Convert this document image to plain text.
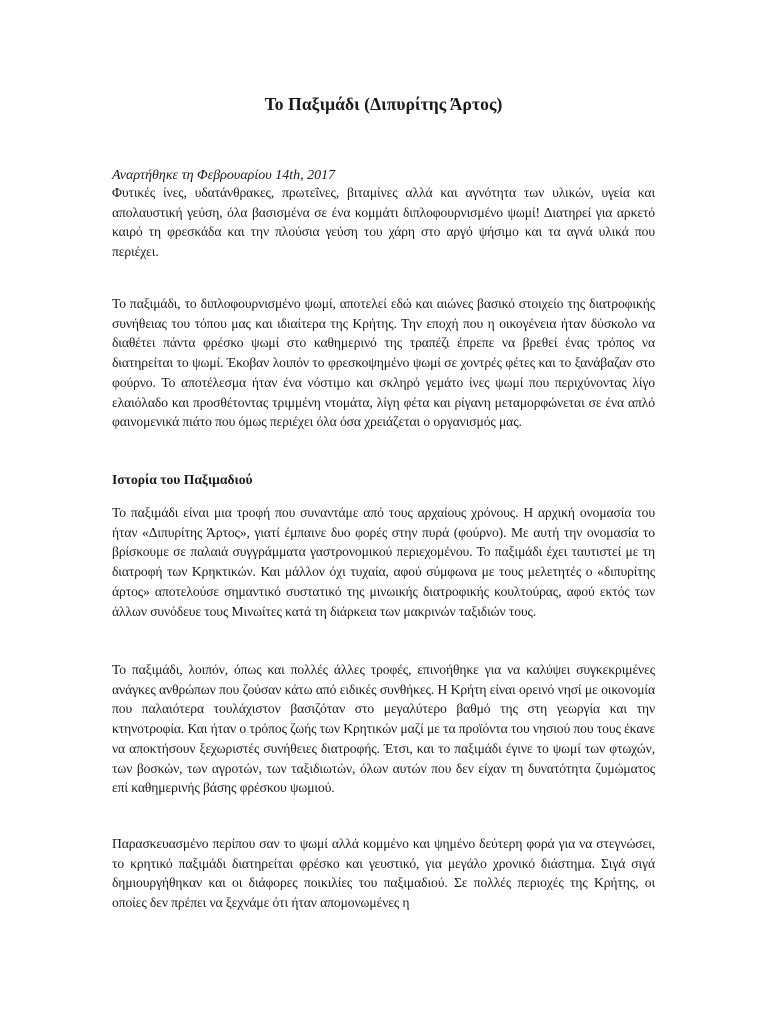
Το Παξιμάδι (Διπυρίτης Άρτος)

Αναρτήθηκε τη Φεβρουαρίου 14th, 2017

Φυτικές ίνες, υδατάνθρακες, πρωτεΐνες, βιταμίνες αλλά και αγνότητα των υλικών, υγεία και απολαυστική γεύση, όλα βασισμένα σε ένα κομμάτι διπλοφουρνισμένο ψωμί! Διατηρεί για αρκετό καιρό τη φρεσκάδα και την πλούσια γεύση του χάρη στο αργό ψήσιμο και τα αγνά υλικά που περιέχει.

Το παξιμάδι, το διπλοφουρνισμένο ψωμί, αποτελεί εδώ και αιώνες βασικό στοιχείο της διατροφικής συνήθειας του τόπου μας και ιδιαίτερα της Κρήτης. Την εποχή που η οικογένεια ήταν δύσκολο να διαθέτει πάντα φρέσκο ψωμί στο καθημερινό της τραπέζι έπρεπε να βρεθεί ένας τρόπος να διατηρείται το ψωμί. Έκοβαν λοιπόν το φρεσκοψημένο ψωμί σε χοντρές φέτες και το ξανάβαζαν στο φούρνο. Το αποτέλεσμα ήταν ένα νόστιμο και σκληρό γεμάτο ίνες ψωμί που περιχύνοντας λίγο ελαιόλαδο και προσθέτοντας τριμμένη ντομάτα, λίγη φέτα και ρίγανη μεταμορφώνεται σε ένα απλό φαινομενικά πιάτο που όμως περιέχει όλα όσα χρειάζεται ο οργανισμός μας.

Ιστορία του Παξιμαδιού

Το παξιμάδι είναι μια τροφή που συναντάμε από τους αρχαίους χρόνους. Η αρχική ονομασία του ήταν «Διπυρίτης Άρτος», γιατί έμπαινε δυο φορές στην πυρά (φούρνο). Με αυτή την ονομασία το βρίσκουμε σε παλαιά συγγράμματα γαστρονομικού περιεχομένου. Το παξιμάδι έχει ταυτιστεί με τη διατροφή των Κρηκτικών. Και μάλλον όχι τυχαία, αφού σύμφωνα με τους μελετητές ο «διπυρίτης άρτος» αποτελούσε σημαντικό συστατικό της μινωικής διατροφικής κουλτούρας, αφού εκτός των άλλων συνόδευε τους Μινωίτες κατά τη διάρκεια των μακρινών ταξιδιών τους.

Το παξιμάδι, λοιπόν, όπως και πολλές άλλες τροφές, επινοήθηκε για να καλύψει συγκεκριμένες ανάγκες ανθρώπων που ζούσαν κάτω από ειδικές συνθήκες. Η Κρήτη είναι ορεινό νησί με οικονομία που παλαιότερα τουλάχιστον βασιζόταν στο μεγαλύτερο βαθμό της στη γεωργία και την κτηνοτροφία. Και ήταν ο τρόπος ζωής των Κρητικών μαζί με τα προϊόντα του νησιού που τους έκανε να αποκτήσουν ξεχωριστές συνήθειες διατροφής. Έτσι, και το παξιμάδι έγινε το ψωμί των φτωχών, των βοσκών, των αγροτών, των ταξιδιωτών, όλων αυτών που δεν είχαν τη δυνατότητα ζυμώματος επί καθημερινής βάσης φρέσκου ψωμιού.

Παρασκευασμένο περίπου σαν το ψωμί αλλά κομμένο και ψημένο δεύτερη φορά για να στεγνώσει, το κρητικό παξιμάδι διατηρείται φρέσκο και γευστικό, για μεγάλο χρονικό διάστημα. Σιγά σιγά δημιουργήθηκαν και οι διάφορες ποικιλίες του παξιμαδιού. Σε πολλές περιοχές της Κρήτης, οι οποίες δεν πρέπει να ξεχνάμε ότι ήταν απομονωμένες η
